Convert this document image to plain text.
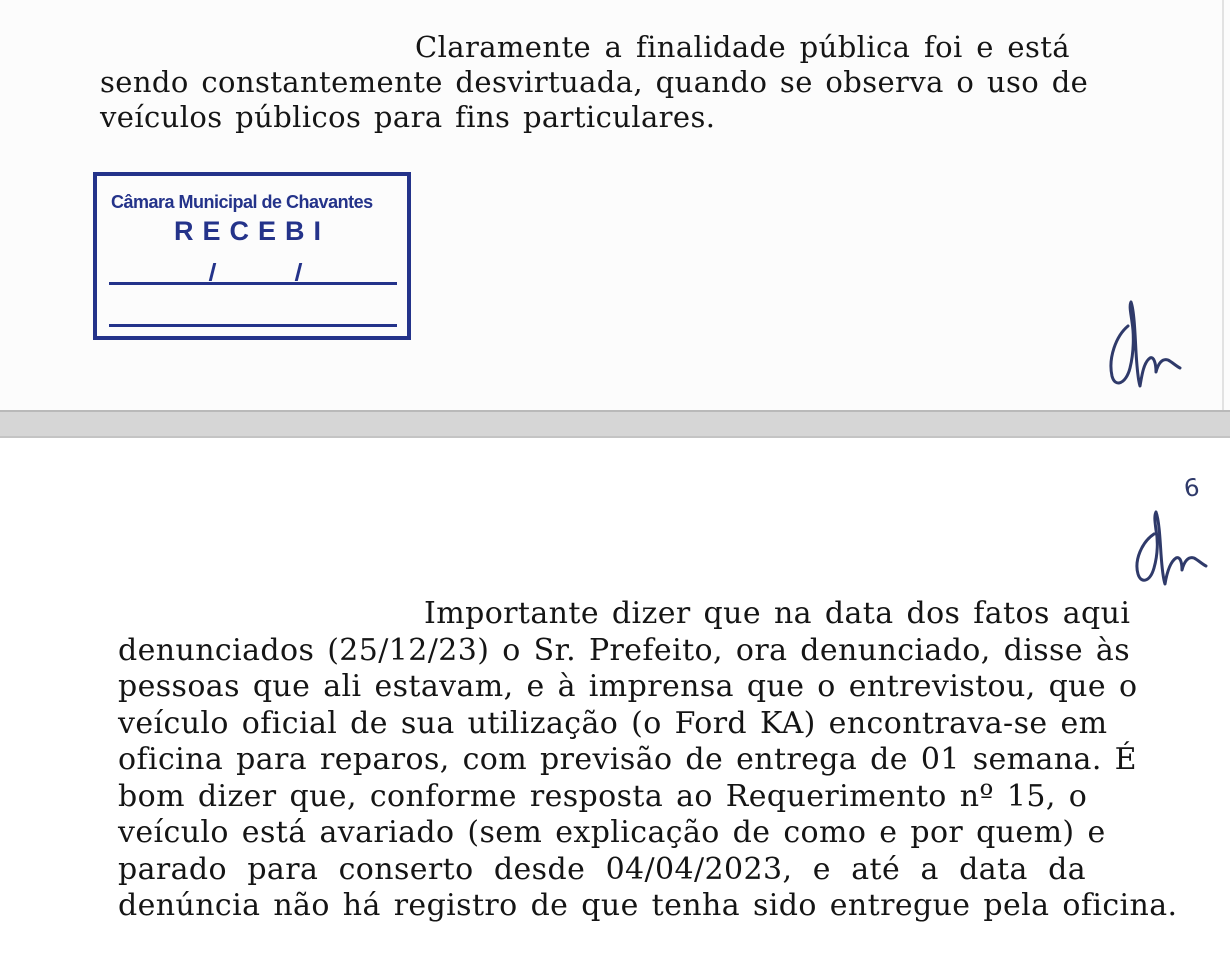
Claramente a finalidade pública foi e está
sendo constantemente desvirtuada, quando se observa o uso de
veículos públicos para fins particulares.

Câmara Municipal de Chavantes
RECEBI
6

Importante dizer que na data dos fatos aqui
denunciados (25/12/23) o Sr. Prefeito, ora denunciado, disse às
pessoas que ali estavam, e à imprensa que o entrevistou, que o
veículo oficial de sua utilização (o Ford KA) encontrava-se em
oficina para reparos, com previsão de entrega de 01 semana. É
bom dizer que, conforme resposta ao Requerimento nº 15, o
veículo está avariado (sem explicação de como e por quem) e
parado para conserto desde 04/04/2023, e até a data da
denúncia não há registro de que tenha sido entregue pela oficina.
